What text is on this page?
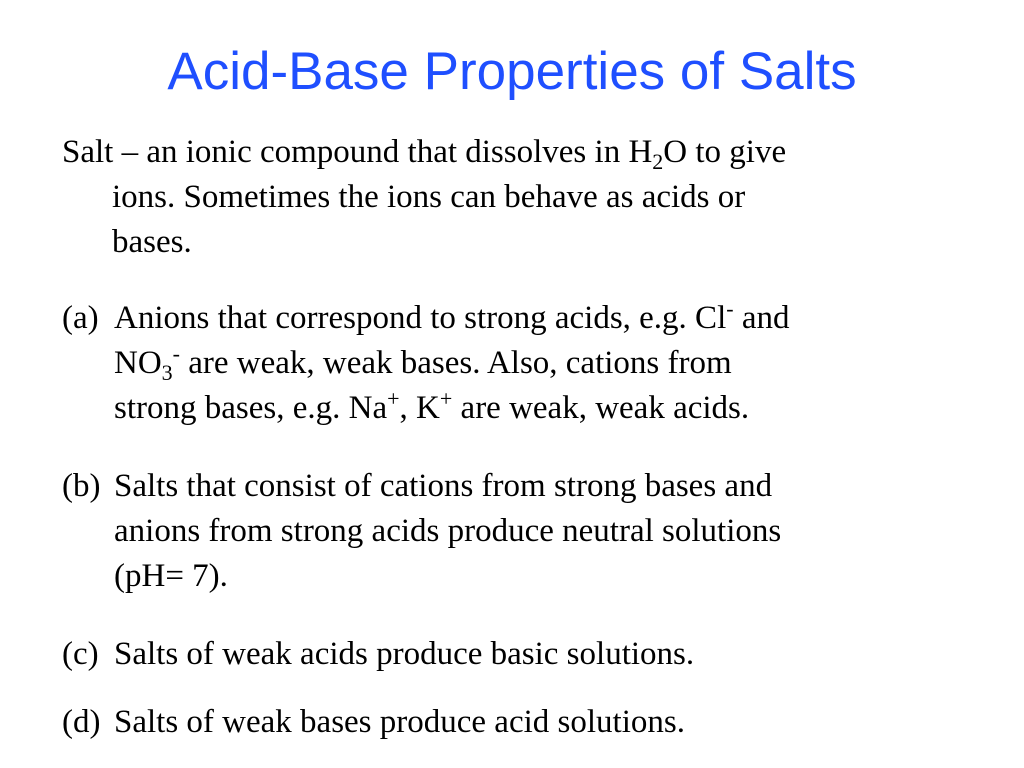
Acid-Base Properties of Salts
Salt – an ionic compound that dissolves in $H_2O$ to give
ions. Sometimes the ions can behave as acids or
bases.
(a) Anions that correspond to strong acids, e.g. Cl- and
$NO_3^-$ are weak, weak bases. Also, cations from
strong bases, e.g. Na+, K+ are weak, weak acids.
(b) Salts that consist of cations from strong bases and
anions from strong acids produce neutral solutions
(pH= 7).
(c) Salts of weak acids produce basic solutions.
(d) Salts of weak bases produce acid solutions.
